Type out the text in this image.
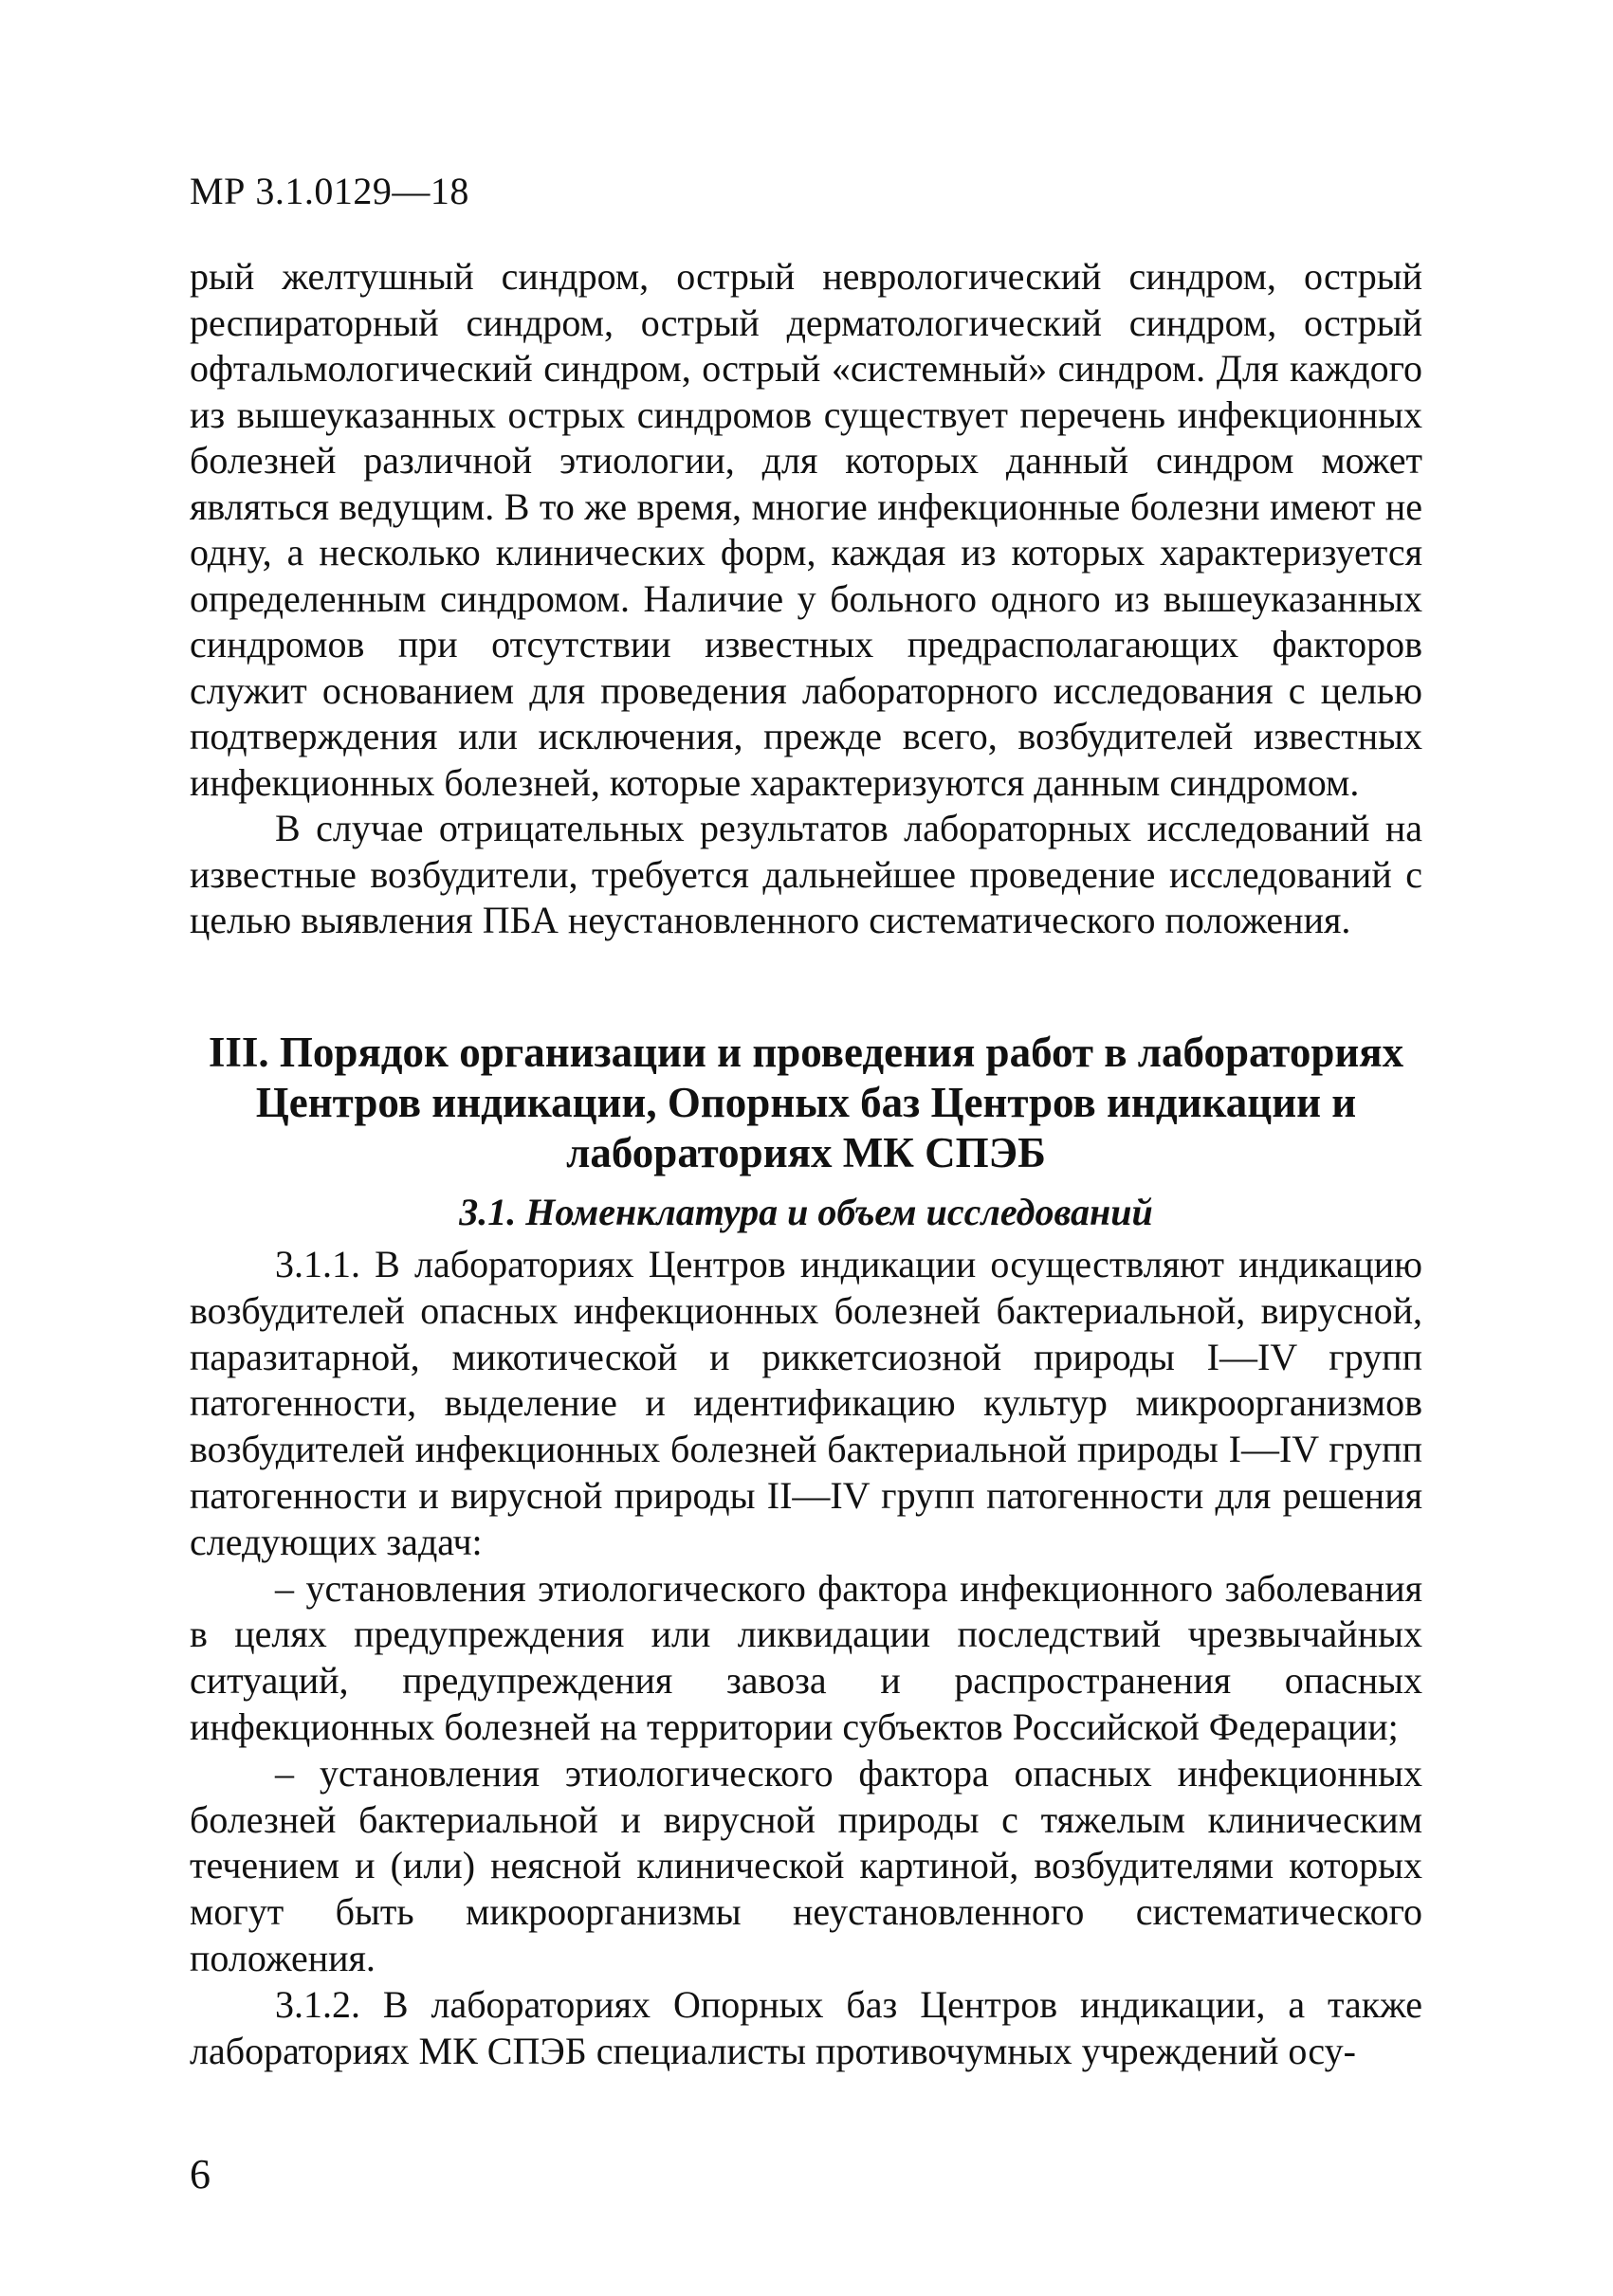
МР 3.1.0129—18

рый желтушный синдром, острый неврологический синдром, острый респираторный синдром, острый дерматологический синдром, острый офтальмологический синдром, острый «системный» синдром. Для каждого из вышеуказанных острых синдромов существует перечень инфекционных болезней различной этиологии, для которых данный синдром может являться ведущим. В то же время, многие инфекционные болезни имеют не одну, а несколько клинических форм, каждая из которых характеризуется определенным синдромом. Наличие у больного одного из вышеуказанных синдромов при отсутствии известных предрасполагающих факторов служит основанием для проведения лабораторного исследования с целью подтверждения или исключения, прежде всего, возбудителей известных инфекционных болезней, которые характеризуются данным синдромом.

В случае отрицательных результатов лабораторных исследований на известные возбудители, требуется дальнейшее проведение исследований с целью выявления ПБА неустановленного систематического положения.

III. Порядок организации и проведения работ в лабораториях
Центров индикации, Опорных баз Центров индикации и
лабораториях МК СПЭБ
3.1. Номенклатура и объем исследований

3.1.1. В лабораториях Центров индикации осуществляют индикацию возбудителей опасных инфекционных болезней бактериальной, вирусной, паразитарной, микотической и риккетсиозной природы I—IV групп патогенности, выделение и идентификацию культур микроорганизмов возбудителей инфекционных болезней бактериальной природы I—IV групп патогенности и вирусной природы II—IV групп патогенности для решения следующих задач:

– установления этиологического фактора инфекционного заболевания в целях предупреждения или ликвидации последствий чрезвычайных ситуаций, предупреждения завоза и распространения опасных инфекционных болезней на территории субъектов Российской Федерации;

– установления этиологического фактора опасных инфекционных болезней бактериальной и вирусной природы с тяжелым клиническим течением и (или) неясной клинической картиной, возбудителями которых могут быть микроорганизмы неустановленного систематического положения.

3.1.2. В лабораториях Опорных баз Центров индикации, а также лабораториях МК СПЭБ специалисты противочумных учреждений осу-

6
